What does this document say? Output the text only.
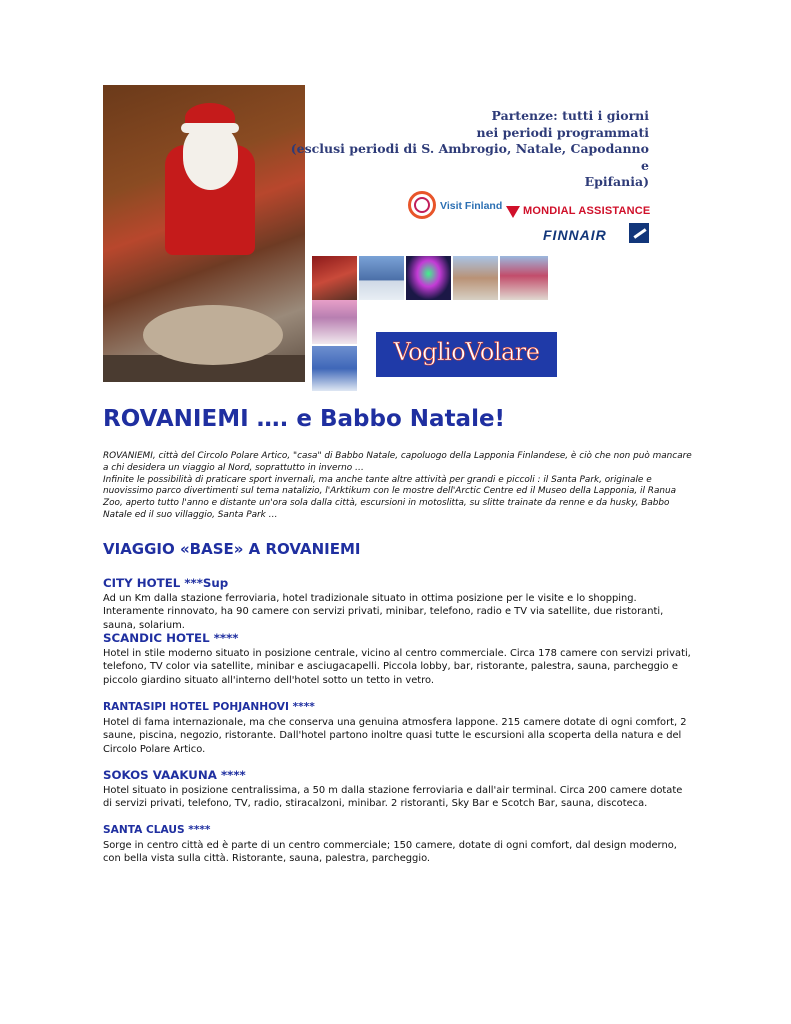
Partenze: tutti i giorni
nei periodi programmati
(esclusi periodi di S. Ambrogio, Natale, Capodanno e
Epifania)
Visit Finland MONDIAL ASSISTANCE
FINNAIR
VoglioVolare
ROVANIEMI …. e Babbo Natale!
ROVANIEMI, città del Circolo Polare Artico, "casa" di Babbo Natale, capoluogo della Lapponia Finlandese, è ciò che non può mancare a chi desidera un viaggio al Nord, soprattutto in inverno …
Infinite le possibilità di praticare sport invernali, ma anche tante altre attività per grandi e piccoli : il Santa Park, originale e nuovissimo parco divertimenti sul tema natalizio, l'Arktikum con le mostre dell'Arctic Centre ed il Museo della Lapponia, il Ranua Zoo, aperto tutto l'anno e distante un'ora sola dalla città, escursioni in motoslitta, su slitte trainate da renne e da husky, Babbo Natale ed il suo villaggio, Santa Park …
VIAGGIO «BASE» A ROVANIEMI
CITY HOTEL ***Sup
Ad un Km dalla stazione ferroviaria, hotel tradizionale situato in ottima posizione per le visite e lo shopping. Interamente rinnovato, ha 90 camere con servizi privati, minibar, telefono, radio e TV via satellite, due ristoranti, sauna, solarium.
SCANDIC HOTEL ****
Hotel in stile moderno situato in posizione centrale, vicino al centro commerciale. Circa 178 camere con servizi privati, telefono, TV color via satellite, minibar e asciugacapelli. Piccola lobby, bar, ristorante, palestra, sauna, parcheggio e piccolo giardino situato all'interno dell'hotel sotto un tetto in vetro.
RANTASIPI HOTEL POHJANHOVI ****
Hotel di fama internazionale, ma che conserva una genuina atmosfera lappone. 215 camere dotate di ogni comfort, 2 saune, piscina, negozio, ristorante. Dall'hotel partono inoltre quasi tutte le escursioni alla scoperta della natura e del Circolo Polare Artico.
SOKOS VAAKUNA ****
Hotel situato in posizione centralissima, a 50 m dalla stazione ferroviaria e dall'air terminal. Circa 200 camere dotate di servizi privati, telefono, TV, radio, stiracalzoni, minibar. 2 ristoranti, Sky Bar e Scotch Bar, sauna, discoteca.
SANTA CLAUS ****
Sorge in centro città ed è parte di un centro commerciale; 150 camere, dotate di ogni comfort, dal design moderno, con bella vista sulla città. Ristorante, sauna, palestra, parcheggio.
